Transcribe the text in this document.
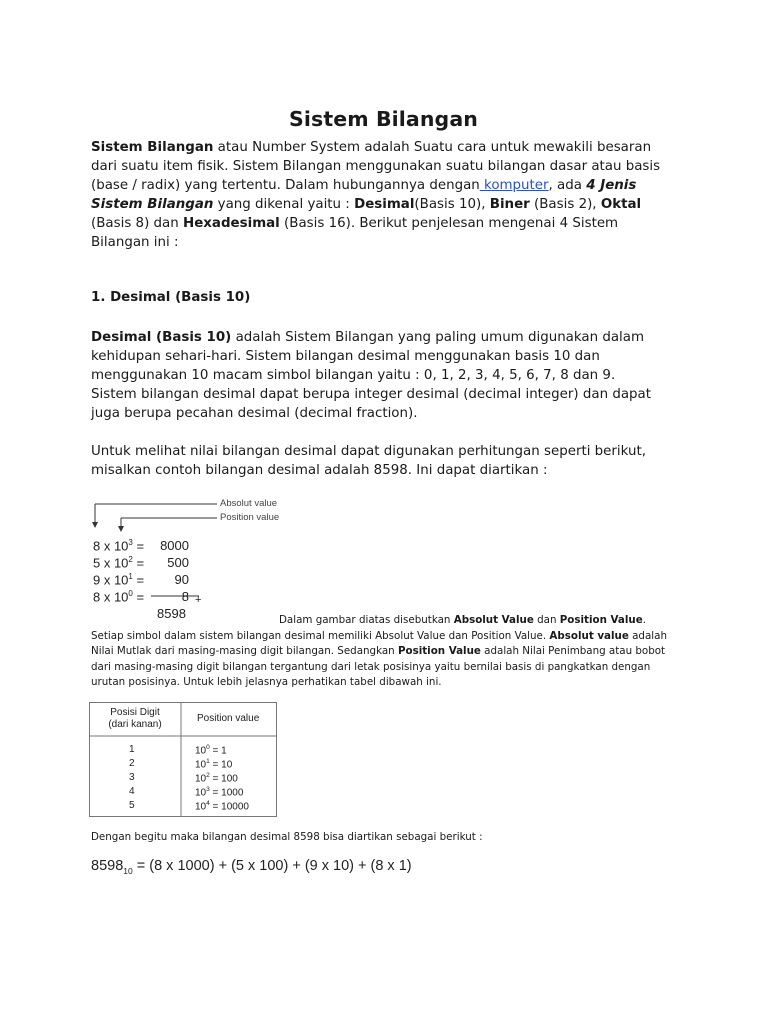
Sistem Bilangan

Sistem Bilangan atau Number System adalah Suatu cara untuk mewakili besaran dari suatu item fisik. Sistem Bilangan menggunakan suatu bilangan dasar atau basis (base / radix) yang tertentu. Dalam hubungannya dengan komputer, ada 4 Jenis Sistem Bilangan yang dikenal yaitu : Desimal(Basis 10), Biner (Basis 2), Oktal (Basis 8) dan Hexadesimal (Basis 16). Berikut penjelesan mengenai 4 Sistem Bilangan ini :

1. Desimal (Basis 10)

Desimal (Basis 10) adalah Sistem Bilangan yang paling umum digunakan dalam kehidupan sehari-hari. Sistem bilangan desimal menggunakan basis 10 dan menggunakan 10 macam simbol bilangan yaitu : 0, 1, 2, 3, 4, 5, 6, 7, 8 dan 9. Sistem bilangan desimal dapat berupa integer desimal (decimal integer) dan dapat juga berupa pecahan desimal (decimal fraction).

Untuk melihat nilai bilangan desimal dapat digunakan perhitungan seperti berikut, misalkan contoh bilangan desimal adalah 8598. Ini dapat diartikan :

Absolut value
Position value
8 x $10^3$ =	8000
5 x $10^2$ =	500
9 x $10^1$ =	90
8 x $10^0$ =	8 +
8598	Dalam gambar diatas disebutkan Absolut Value dan Position Value. Setiap simbol dalam sistem bilangan desimal memiliki Absolut Value dan Position Value. Absolut value adalah Nilai Mutlak dari masing-masing digit bilangan. Sedangkan Position Value adalah Nilai Penimbang atau bobot dari masing-masing digit bilangan tergantung dari letak posisinya yaitu bernilai basis di pangkatkan dengan urutan posisinya. Untuk lebih jelasnya perhatikan tabel dibawah ini.

Posisi Digit
(dari kanan)
Position value
1	$10^0 = 1$
2	$10^1 = 10$
3	$10^2 = 100$
4	$10^3 = 1000$
5	$10^4 = 10000$

Dengan begitu maka bilangan desimal 8598 bisa diartikan sebagai berikut :

$8598_{10} = (8$ x 1000) + (5 x 100) + (9 x 10) + (8 x 1)
